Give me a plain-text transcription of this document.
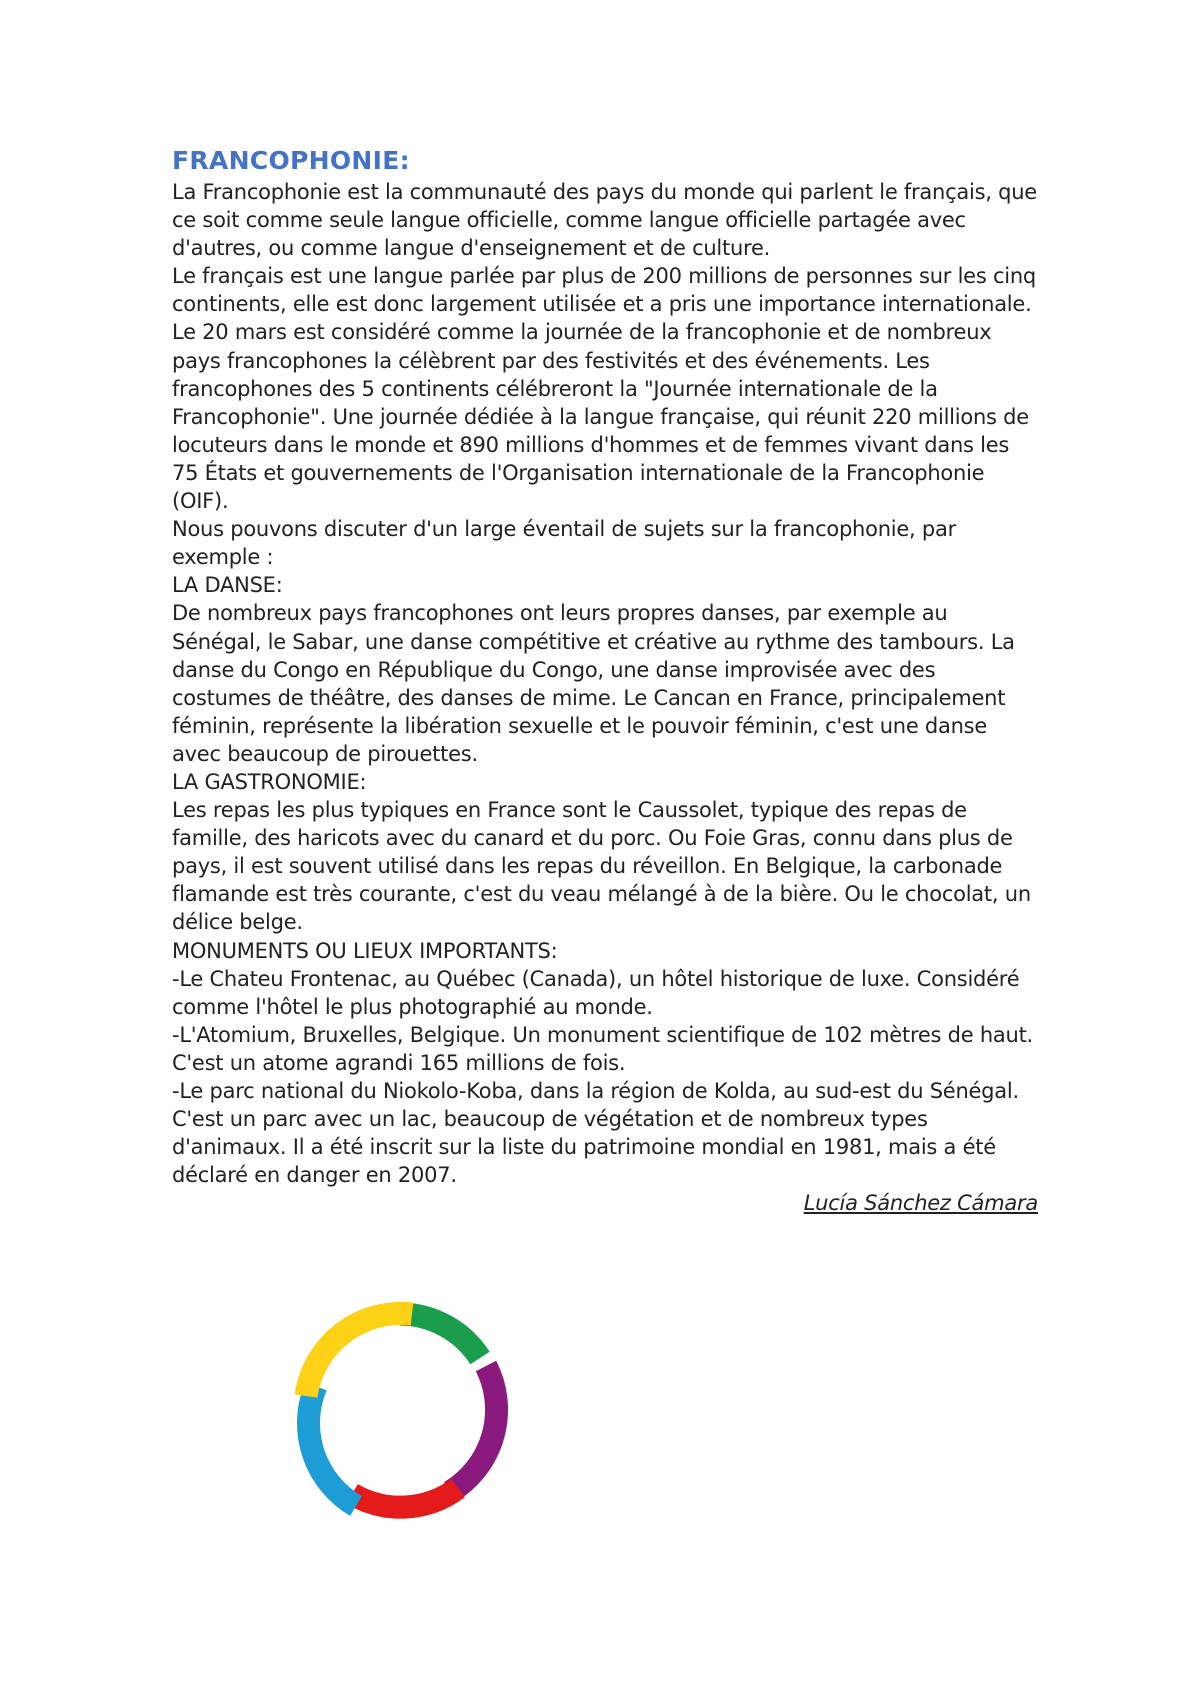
FRANCOPHONIE:

La Francophonie est la communauté des pays du monde qui parlent le français, que ce soit comme seule langue officielle, comme langue officielle partagée avec d'autres, ou comme langue d'enseignement et de culture.

Le français est une langue parlée par plus de 200 millions de personnes sur les cinq continents, elle est donc largement utilisée et a pris une importance internationale.

Le 20 mars est considéré comme la journée de la francophonie et de nombreux pays francophones la célèbrent par des festivités et des événements. Les francophones des 5 continents célébreront la "Journée internationale de la Francophonie". Une journée dédiée à la langue française, qui réunit 220 millions de locuteurs dans le monde et 890 millions d'hommes et de femmes vivant dans les 75 États et gouvernements de l'Organisation internationale de la Francophonie (OIF).

Nous pouvons discuter d'un large éventail de sujets sur la francophonie, par exemple :

LA DANSE:

De nombreux pays francophones ont leurs propres danses, par exemple au Sénégal, le Sabar, une danse compétitive et créative au rythme des tambours. La danse du Congo en République du Congo, une danse improvisée avec des costumes de théâtre, des danses de mime. Le Cancan en France, principalement féminin, représente la libération sexuelle et le pouvoir féminin, c'est une danse avec beaucoup de pirouettes.

LA GASTRONOMIE:

Les repas les plus typiques en France sont le Caussolet, typique des repas de famille, des haricots avec du canard et du porc. Ou Foie Gras, connu dans plus de pays, il est souvent utilisé dans les repas du réveillon. En Belgique, la carbonade flamande est très courante, c'est du veau mélangé à de la bière. Ou le chocolat, un délice belge.

MONUMENTS OU LIEUX IMPORTANTS:

-Le Chateu Frontenac, au Québec (Canada), un hôtel historique de luxe. Considéré comme l'hôtel le plus photographié au monde.

-L'Atomium, Bruxelles, Belgique. Un monument scientifique de 102 mètres de haut. C'est un atome agrandi 165 millions de fois.

-Le parc national du Niokolo-Koba, dans la région de Kolda, au sud-est du Sénégal. C'est un parc avec un lac, beaucoup de végétation et de nombreux types d'animaux. Il a été inscrit sur la liste du patrimoine mondial en 1981, mais a été déclaré en danger en 2007.

Lucía Sánchez Cámara
